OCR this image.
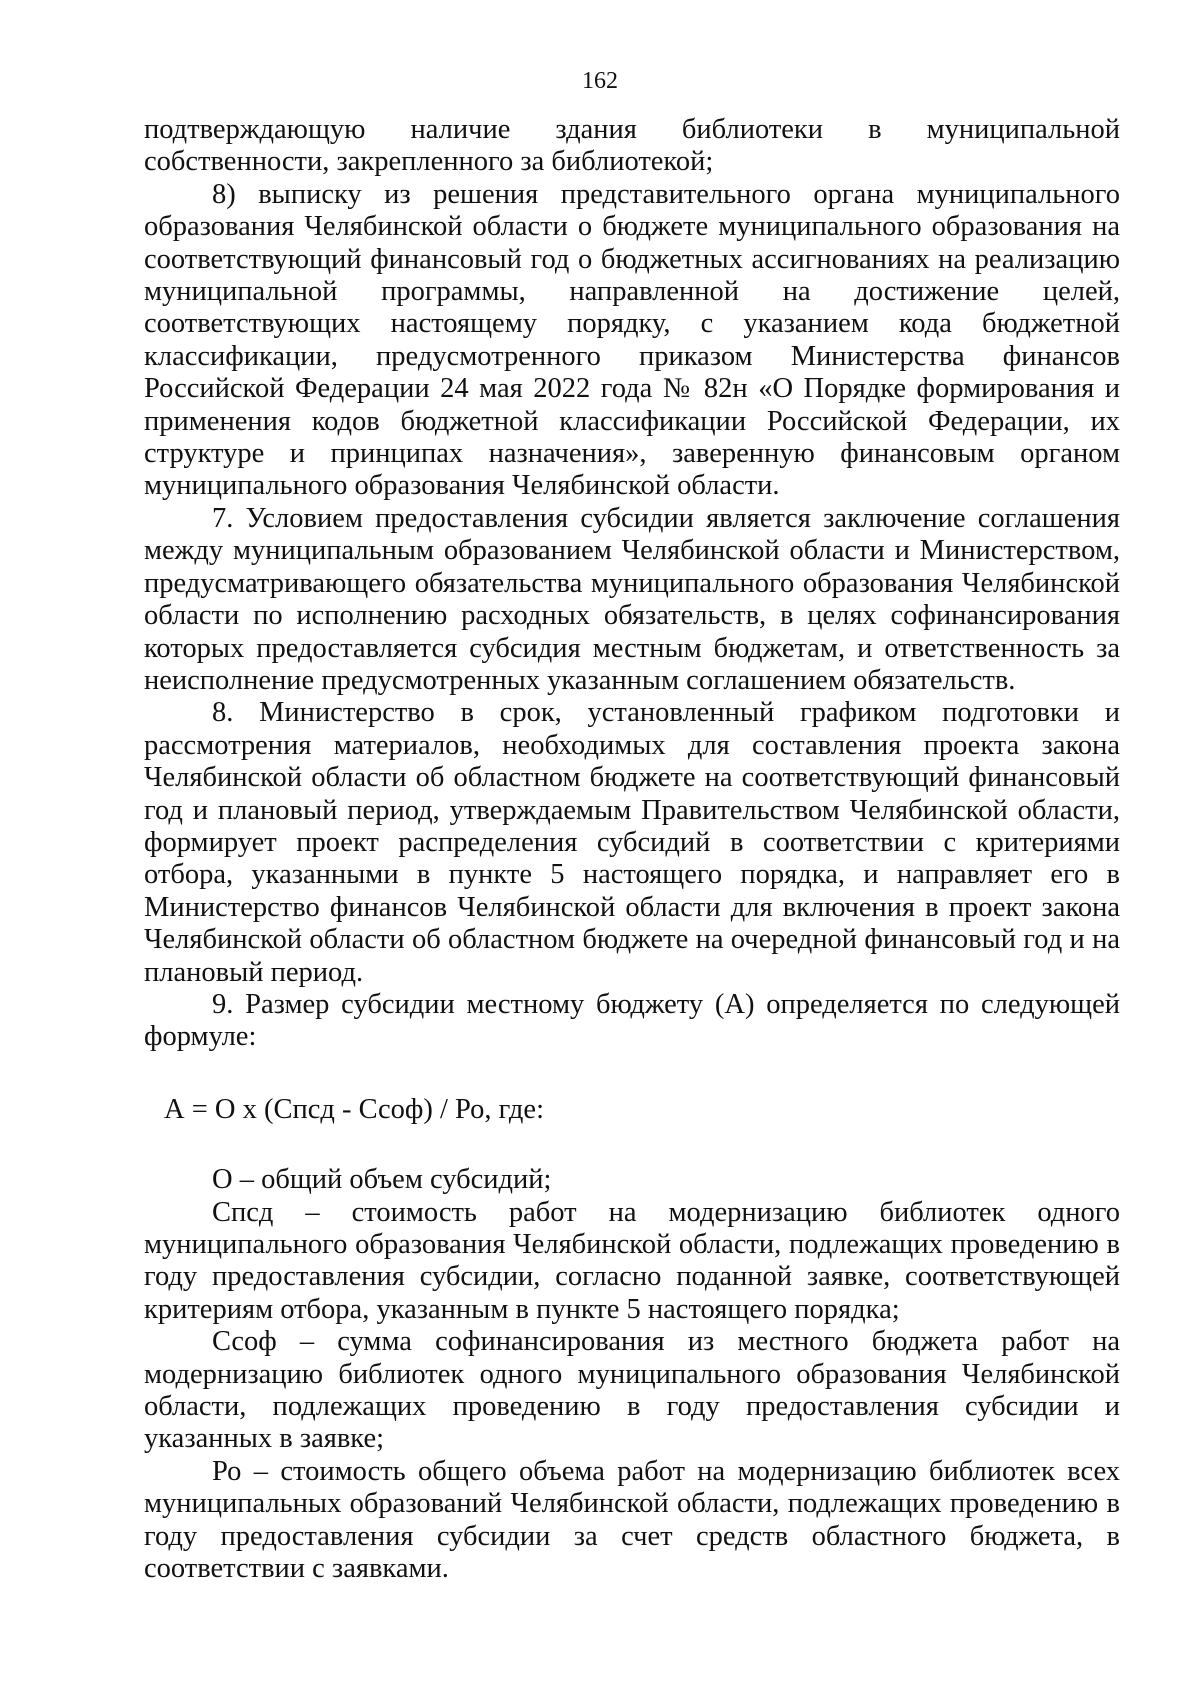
162

подтверждающую наличие здания библиотеки в муниципальной собственности, закрепленного за библиотекой;

8) выписку из решения представительного органа муниципального образования Челябинской области о бюджете муниципального образования на соответствующий финансовый год о бюджетных ассигнованиях на реализацию муниципальной программы, направленной на достижение целей, соответствующих настоящему порядку, с указанием кода бюджетной классификации, предусмотренного приказом Министерства финансов Российской Федерации 24 мая 2022 года № 82н «О Порядке формирования и применения кодов бюджетной классификации Российской Федерации, их структуре и принципах назначения», заверенную финансовым органом муниципального образования Челябинской области.

7. Условием предоставления субсидии является заключение соглашения между муниципальным образованием Челябинской области и Министерством, предусматривающего обязательства муниципального образования Челябинской области по исполнению расходных обязательств, в целях софинансирования которых предоставляется субсидия местным бюджетам, и ответственность за неисполнение предусмотренных указанным соглашением обязательств.

8. Министерство в срок, установленный графиком подготовки и рассмотрения материалов, необходимых для составления проекта закона Челябинской области об областном бюджете на соответствующий финансовый год и плановый период, утверждаемым Правительством Челябинской области, формирует проект распределения субсидий в соответствии с критериями отбора, указанными в пункте 5 настоящего порядка, и направляет его в Министерство финансов Челябинской области для включения в проект закона Челябинской области об областном бюджете на очередной финансовый год и на плановый период.

9. Размер субсидии местному бюджету (А) определяется по следующей формуле:

А = О х (Спсд - Ссоф) / Ро, где:

О – общий объем субсидий;

Спсд – стоимость работ на модернизацию библиотек одного муниципального образования Челябинской области, подлежащих проведению в году предоставления субсидии, согласно поданной заявке, соответствующей критериям отбора, указанным в пункте 5 настоящего порядка;

Ссоф – сумма софинансирования из местного бюджета работ на модернизацию библиотек одного муниципального образования Челябинской области, подлежащих проведению в году предоставления субсидии и указанных в заявке;

Ро – стоимость общего объема работ на модернизацию библиотек всех муниципальных образований Челябинской области, подлежащих проведению в году предоставления субсидии за счет средств областного бюджета, в соответствии с заявками.
